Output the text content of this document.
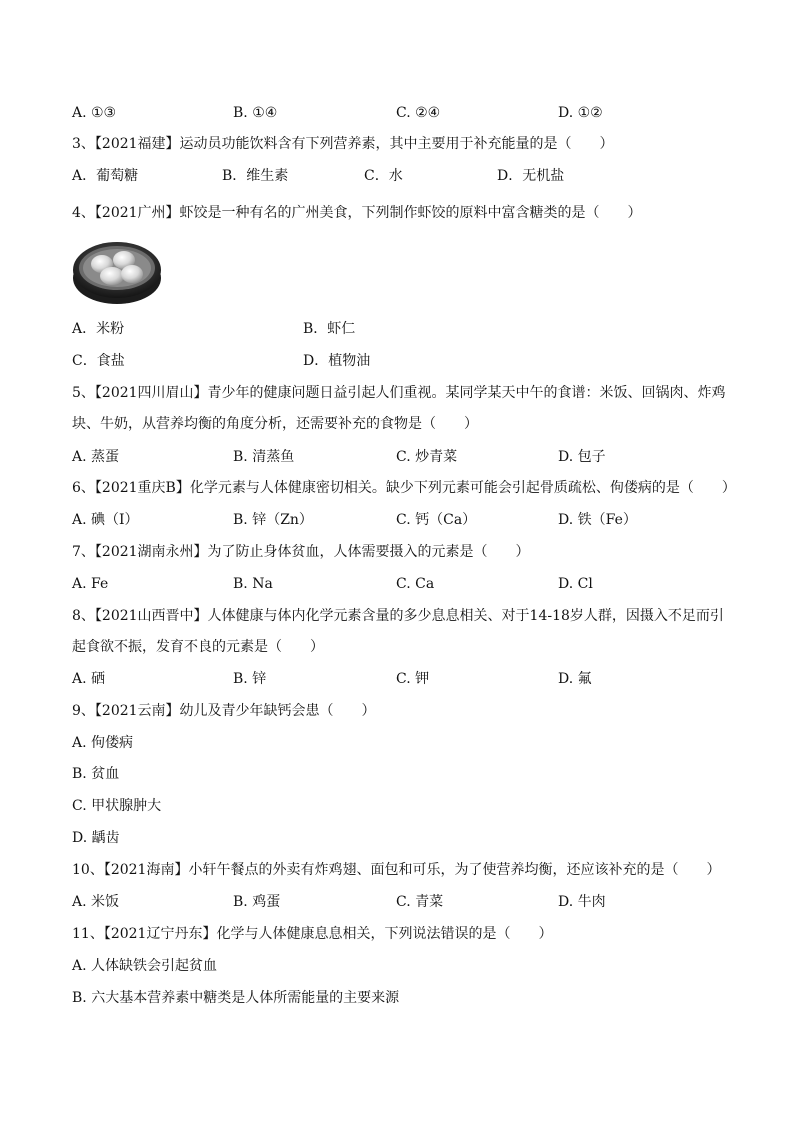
A. ①③	B. ①④	C. ②④	D. ①②
3、【2021福建】运动员功能饮料含有下列营养素，其中主要用于补充能量的是（　　）
A．葡萄糖	B．维生素	C．水	D．无机盐
4、【2021广州】虾饺是一种有名的广州美食，下列制作虾饺的原料中富含糖类的是（　　）
A．米粉	B．虾仁
C．食盐	D．植物油
5、【2021四川眉山】青少年的健康问题日益引起人们重视。某同学某天中午的食谱：米饭、回锅肉、炸鸡
块、牛奶，从营养均衡的角度分析，还需要补充的食物是（　　）
A. 蒸蛋	B. 清蒸鱼	C. 炒青菜	D. 包子
6、【2021重庆B】化学元素与人体健康密切相关。缺少下列元素可能会引起骨质疏松、佝偻病的是（　　）
A. 碘（I）	B. 锌（Zn）	C. 钙（Ca）	D. 铁（Fe）
7、【2021湖南永州】为了防止身体贫血，人体需要摄入的元素是（　　）
A. Fe	B. Na	C. Ca	D. Cl
8、【2021山西晋中】人体健康与体内化学元素含量的多少息息相关、对于14-18岁人群，因摄入不足而引
起食欲不振，发育不良的元素是（　　）
A. 硒	B. 锌	C. 钾	D. 氟
9、【2021云南】幼儿及青少年缺钙会患（　　）
A. 佝偻病
B. 贫血
C. 甲状腺肿大
D. 龋齿
10、【2021海南】小轩午餐点的外卖有炸鸡翅、面包和可乐，为了使营养均衡，还应该补充的是（　　）
A. 米饭	B. 鸡蛋	C. 青菜	D. 牛肉
11、【2021辽宁丹东】化学与人体健康息息相关，下列说法错误的是（　　）
A. 人体缺铁会引起贫血
B. 六大基本营养素中糖类是人体所需能量的主要来源
